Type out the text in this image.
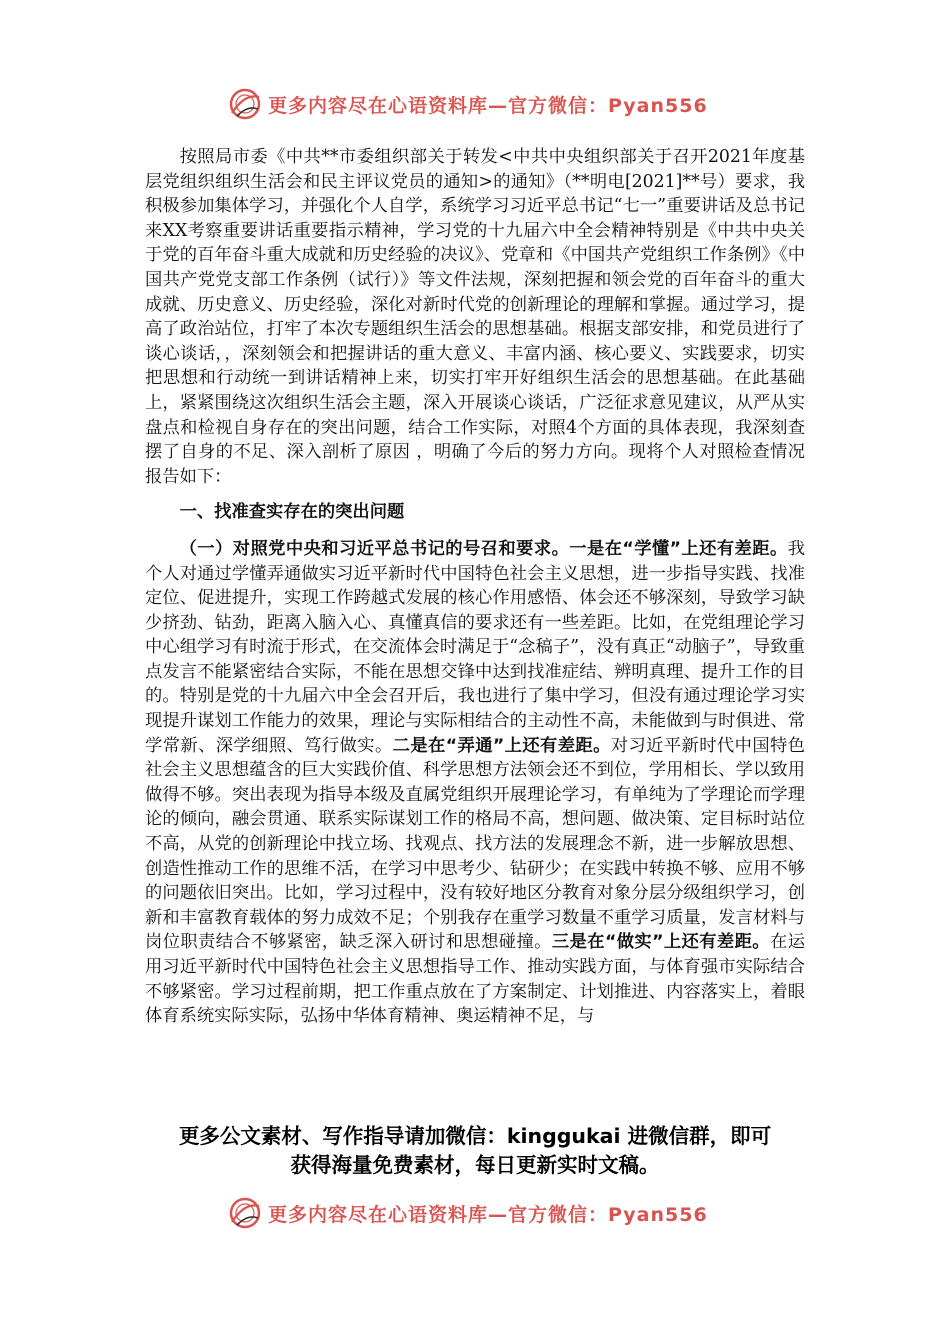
更多内容尽在心语资料库—官方微信：Pyan556

按照局市委《中共**市委组织部关于转发<中共中央组织部关于召开2021年度基层党组织组织生活会和民主评议党员的通知>的通知》（**明电[2021]**号）要求，我积极参加集体学习，并强化个人自学，系统学习习近平总书记“七一”重要讲话及总书记来XX考察重要讲话重要指示精神，学习党的十九届六中全会精神特别是《中共中央关于党的百年奋斗重大成就和历史经验的决议》、党章和《中国共产党组织工作条例》《中国共产党党支部工作条例（试行）》等文件法规，深刻把握和领会党的百年奋斗的重大成就、历史意义、历史经验，深化对新时代党的创新理论的理解和掌握。通过学习，提高了政治站位，打牢了本次专题组织生活会的思想基础。根据支部安排，和党员进行了谈心谈话，，深刻领会和把握讲话的重大意义、丰富内涵、核心要义、实践要求，切实把思想和行动统一到讲话精神上来，切实打牢开好组织生活会的思想基础。在此基础上，紧紧围绕这次组织生活会主题，深入开展谈心谈话，广泛征求意见建议，从严从实盘点和检视自身存在的突出问题，结合工作实际，对照4个方面的具体表现，我深刻查摆了自身的不足、深入剖析了原因 ，明确了今后的努力方向。现将个人对照检查情况报告如下：

一、找准查实存在的突出问题

（一）对照党中央和习近平总书记的号召和要求。一是在“学懂”上还有差距。我个人对通过学懂弄通做实习近平新时代中国特色社会主义思想，进一步指导实践、找准定位、促进提升，实现工作跨越式发展的核心作用感悟、体会还不够深刻，导致学习缺少挤劲、钻劲，距离入脑入心、真懂真信的要求还有一些差距。比如，在党组理论学习中心组学习有时流于形式，在交流体会时满足于“念稿子”，没有真正“动脑子”，导致重点发言不能紧密结合实际，不能在思想交锋中达到找准症结、辨明真理、提升工作的目的。特别是党的十九届六中全会召开后，我也进行了集中学习，但没有通过理论学习实现提升谋划工作能力的效果，理论与实际相结合的主动性不高，未能做到与时俱进、常学常新、深学细照、笃行做实。二是在“弄通”上还有差距。对习近平新时代中国特色社会主义思想蕴含的巨大实践价值、科学思想方法领会还不到位，学用相长、学以致用做得不够。突出表现为指导本级及直属党组织开展理论学习，有单纯为了学理论而学理论的倾向，融会贯通、联系实际谋划工作的格局不高，想问题、做决策、定目标时站位不高，从党的创新理论中找立场、找观点、找方法的发展理念不新，进一步解放思想、创造性推动工作的思维不活，在学习中思考少、钻研少；在实践中转换不够、应用不够的问题依旧突出。比如，学习过程中，没有较好地区分教育对象分层分级组织学习，创新和丰富教育载体的努力成效不足；个别我存在重学习数量不重学习质量，发言材料与岗位职责结合不够紧密，缺乏深入研讨和思想碰撞。三是在“做实”上还有差距。在运用习近平新时代中国特色社会主义思想指导工作、推动实践方面，与体育强市实际结合不够紧密。学习过程前期，把工作重点放在了方案制定、计划推进、内容落实上，着眼体育系统实际实际，弘扬中华体育精神、奥运精神不足，与

更多公文素材、写作指导请加微信：kinggukai 进微信群，即可
获得海量免费素材，每日更新实时文稿。
更多内容尽在心语资料库—官方微信：Pyan556
